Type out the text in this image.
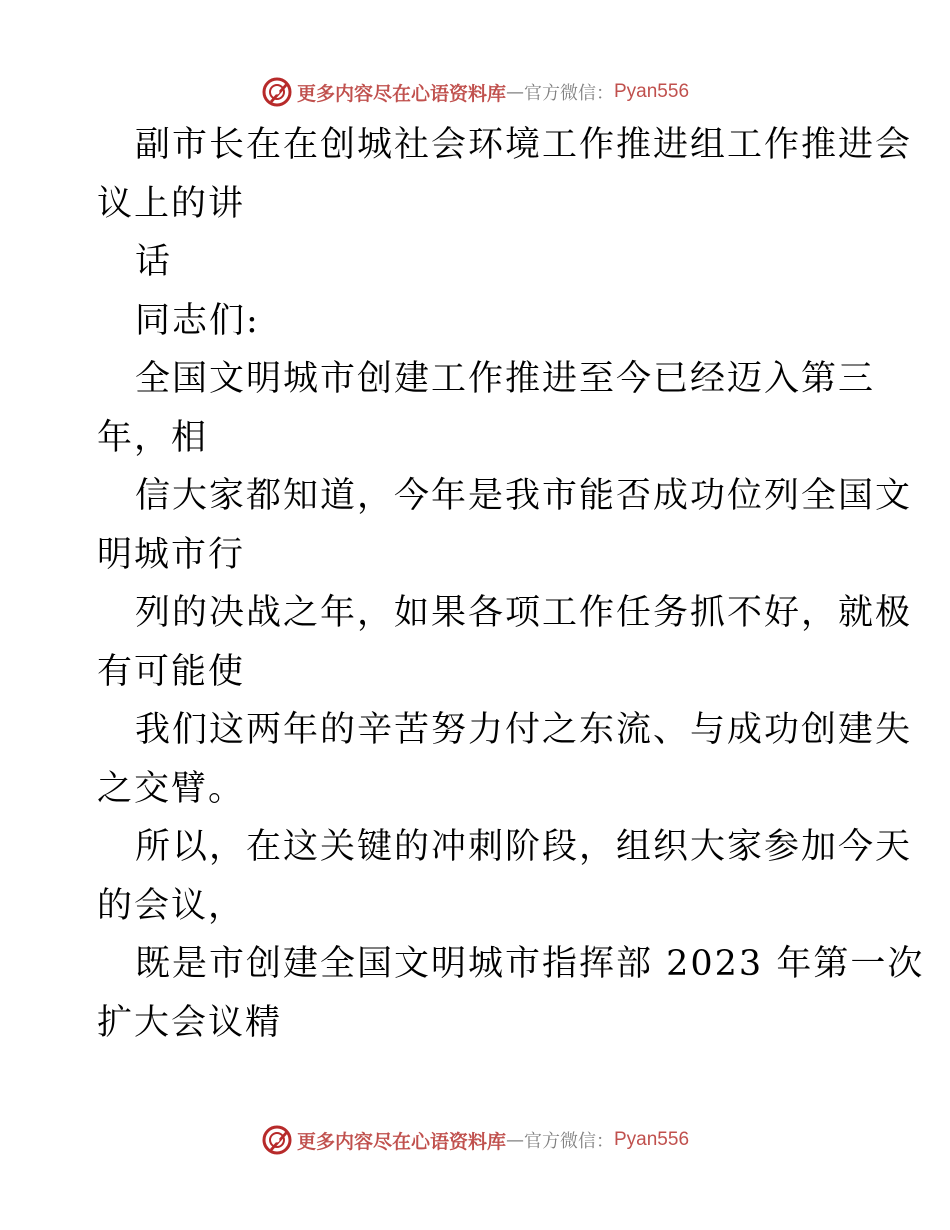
更多内容尽在心语资料库 — 官方微信： Pyan556
副市长在在创城社会环境工作推进组工作推进会
议上的讲
话
同志们:
全国文明城市创建工作推进至今已经迈入第三
年，相
信大家都知道，今年是我市能否成功位列全国文
明城市行
列的决战之年，如果各项工作任务抓不好，就极
有可能使
我们这两年的辛苦努力付之东流、与成功创建失
之交臂。
所以，在这关键的冲刺阶段，组织大家参加今天
的会议，
既是市创建全国文明城市指挥部 2023 年第一次
扩大会议精
更多内容尽在心语资料库 — 官方微信： Pyan556
